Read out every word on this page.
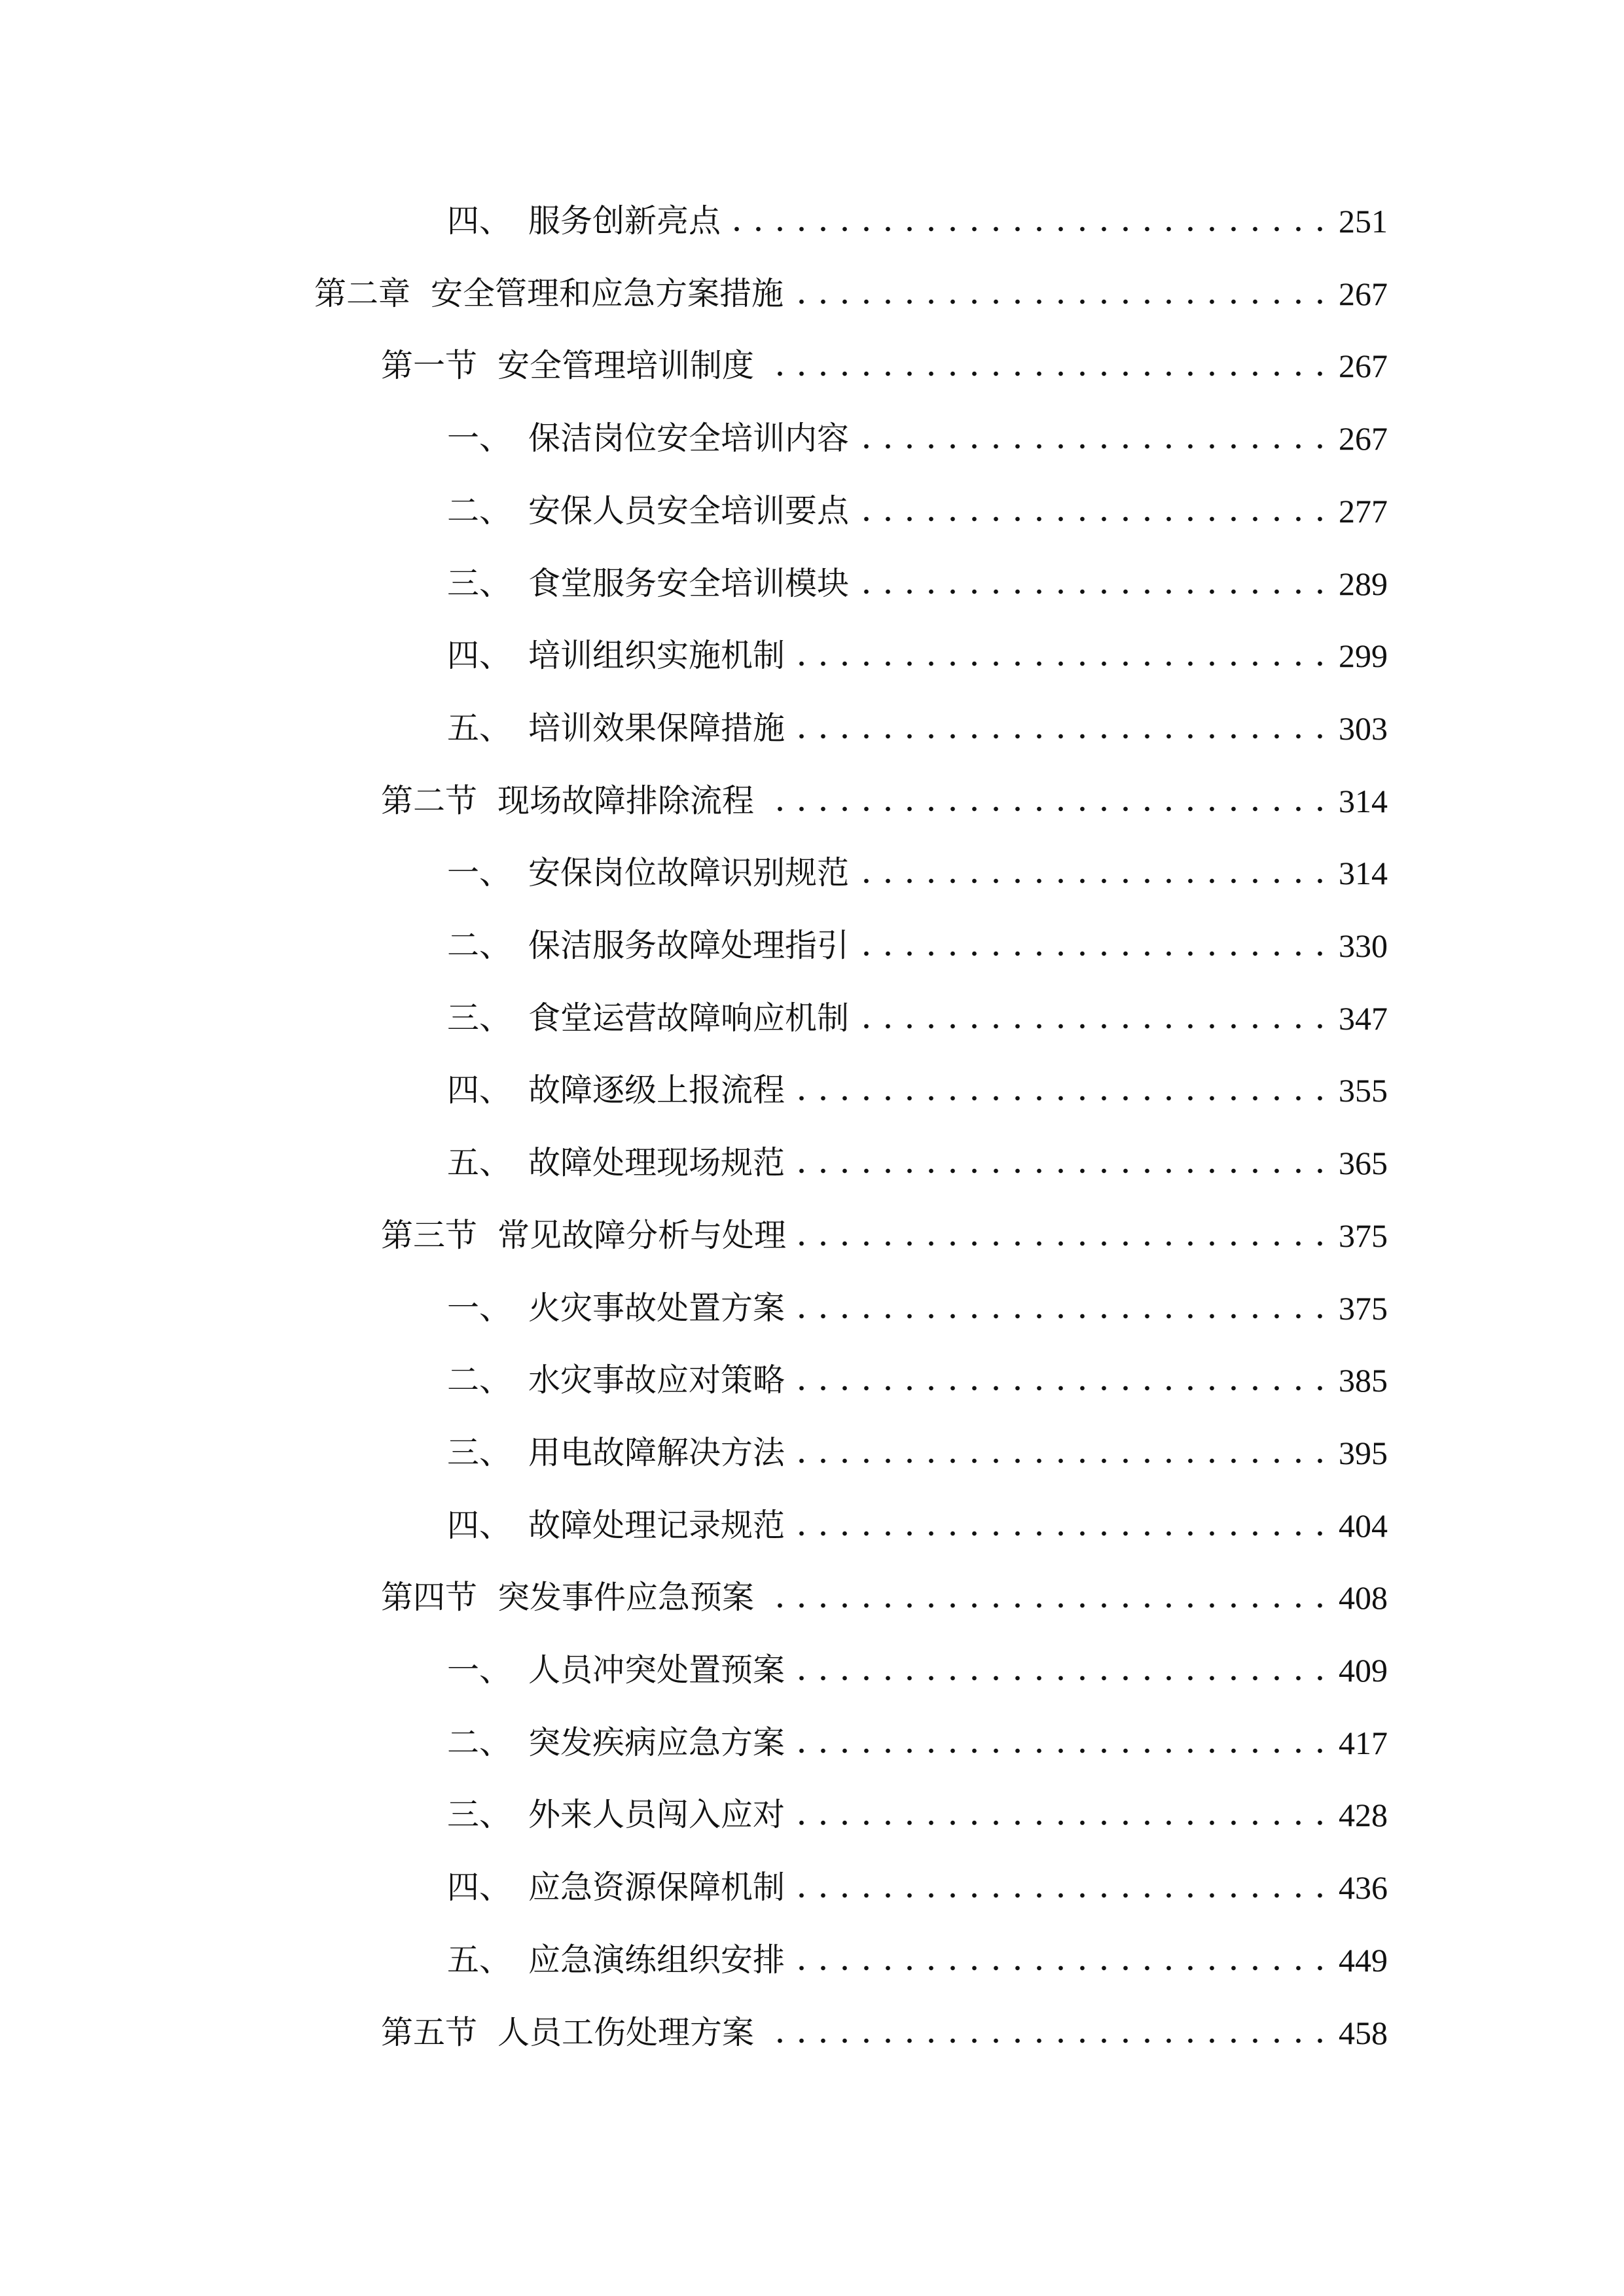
四、 服务创新亮点	251
第二章 安全管理和应急方案措施	267
第一节 安全管理培训制度	267
一、 保洁岗位安全培训内容	267
二、 安保人员安全培训要点	277
三、 食堂服务安全培训模块	289
四、 培训组织实施机制	299
五、 培训效果保障措施	303
第二节 现场故障排除流程	314
一、 安保岗位故障识别规范	314
二、 保洁服务故障处理指引	330
三、 食堂运营故障响应机制	347
四、 故障逐级上报流程	355
五、 故障处理现场规范	365
第三节 常见故障分析与处理	375
一、 火灾事故处置方案	375
二、 水灾事故应对策略	385
三、 用电故障解决方法	395
四、 故障处理记录规范	404
第四节 突发事件应急预案	408
一、 人员冲突处置预案	409
二、 突发疾病应急方案	417
三、 外来人员闯入应对	428
四、 应急资源保障机制	436
五、 应急演练组织安排	449
第五节 人员工伤处理方案	458
